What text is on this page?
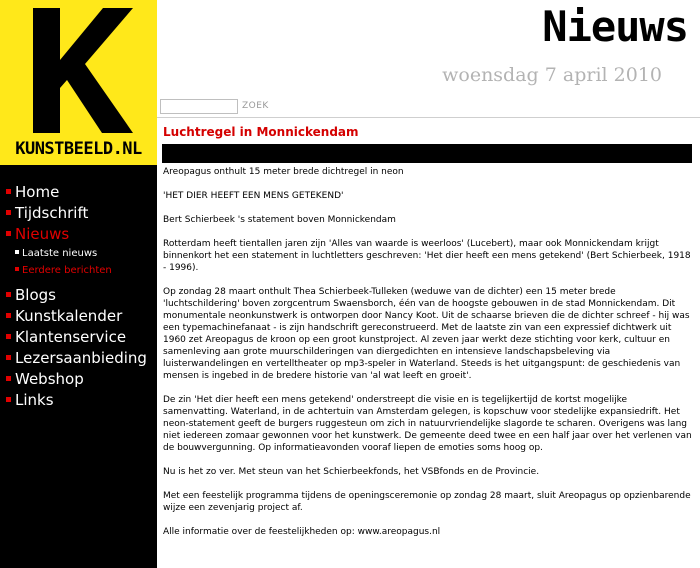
KUNSTBEELD.NL
Home
Tijdschrift
Nieuws
Laatste nieuws
Eerdere berichten
Blogs
Kunstkalender
Klantenservice
Lezersaanbieding
Webshop
Links
Nieuws
woensdag 7 april 2010
ZOEK
Luchtregel in Monnickendam

Areopagus onthult 15 meter brede dichtregel in neon

'HET DIER HEEFT EEN MENS GETEKEND'

Bert Schierbeek 's statement boven Monnickendam

Rotterdam heeft tientallen jaren zijn 'Alles van waarde is weerloos' (Lucebert), maar ook Monnickendam krijgt binnenkort het een statement in luchtletters geschreven: 'Het dier heeft een mens getekend' (Bert Schierbeek, 1918 - 1996).

Op zondag 28 maart onthult Thea Schierbeek-Tulleken (weduwe van de dichter) een 15 meter brede 'luchtschildering' boven zorgcentrum Swaensborch, één van de hoogste gebouwen in de stad Monnickendam. Dit monumentale neonkunstwerk is ontworpen door Nancy Koot. Uit de schaarse brieven die de dichter schreef - hij was een typemachinefanaat - is zijn handschrift gereconstrueerd. Met de laatste zin van een expressief dichtwerk uit 1960 zet Areopagus de kroon op een groot kunstproject. Al zeven jaar werkt deze stichting voor kerk, cultuur en samenleving aan grote muurschilderingen van diergedichten en intensieve landschapsbeleving via luisterwandelingen en vertelltheater op mp3-speler in Waterland. Steeds is het uitgangspunt: de geschiedenis van mensen is ingebed in de bredere historie van 'al wat leeft en groeit'.

De zin 'Het dier heeft een mens getekend' onderstreept die visie en is tegelijkertijd de kortst mogelijke samenvatting. Waterland, in de achtertuin van Amsterdam gelegen, is kopschuw voor stedelijke expansiedrift. Het neon-statement geeft de burgers ruggesteun om zich in natuurvriendelijke slagorde te scharen. Overigens was lang niet iedereen zomaar gewonnen voor het kunstwerk. De gemeente deed twee en een half jaar over het verlenen van de bouwvergunning. Op informatieavonden vooraf liepen de emoties soms hoog op.

Nu is het zo ver. Met steun van het Schierbeekfonds, het VSBfonds en de Provincie.

Met een feestelijk programma tijdens de openingsceremonie op zondag 28 maart, sluit Areopagus op opzienbarende wijze een zevenjarig project af.

Alle informatie over de feestelijkheden op: www.areopagus.nl
